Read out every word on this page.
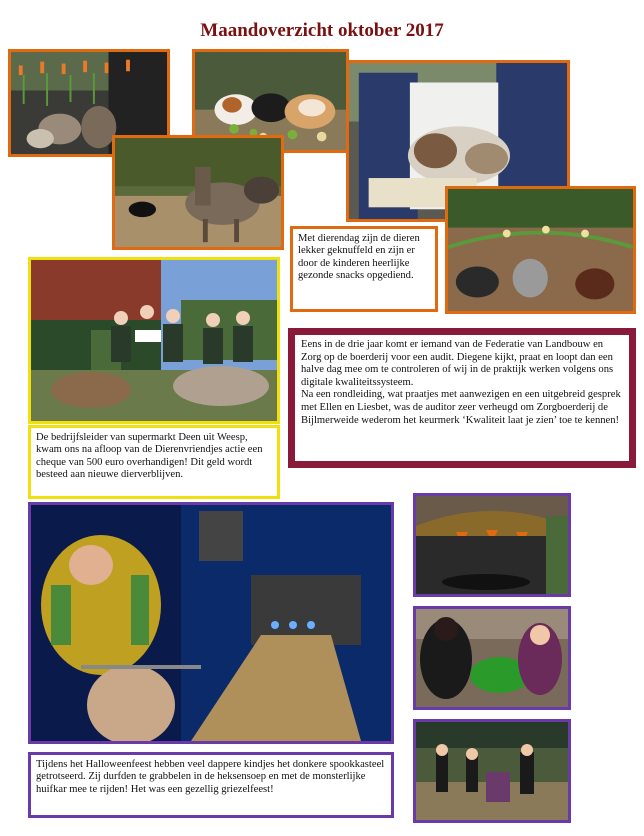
Maandoverzicht oktober 2017
Met dierendag zijn de dieren lekker geknuffeld en zijn er door de kinderen heerlijke gezonde snacks opgediend.
De bedrijfsleider van supermarkt Deen uit Weesp, kwam ons na afloop van de Dierenvriendjes actie een cheque van 500 euro overhandigen! Dit geld wordt besteed aan nieuwe dierverblijven.
Eens in de drie jaar komt er iemand van de Federatie van Landbouw en Zorg op de boerderij voor een audit. Diegene kijkt, praat en loopt dan een halve dag mee om te controleren of wij in de praktijk werken volgens ons digitale kwaliteitssysteem.
Na een rondleiding, wat praatjes met aanwezigen en een uitgebreid gesprek met Ellen en Liesbet, was de auditor zeer verheugd om Zorgboerderij de Bijlmerweide wederom het keurmerk ‘Kwaliteit laat je zien’ toe te kennen!
Tijdens het Halloweenfeest hebben veel dappere kindjes het donkere spookkasteel getrotseerd. Zij durfden te grabbelen in de heksensoep en met de monsterlijke huifkar mee te rijden! Het was een gezellig griezelfeest!
